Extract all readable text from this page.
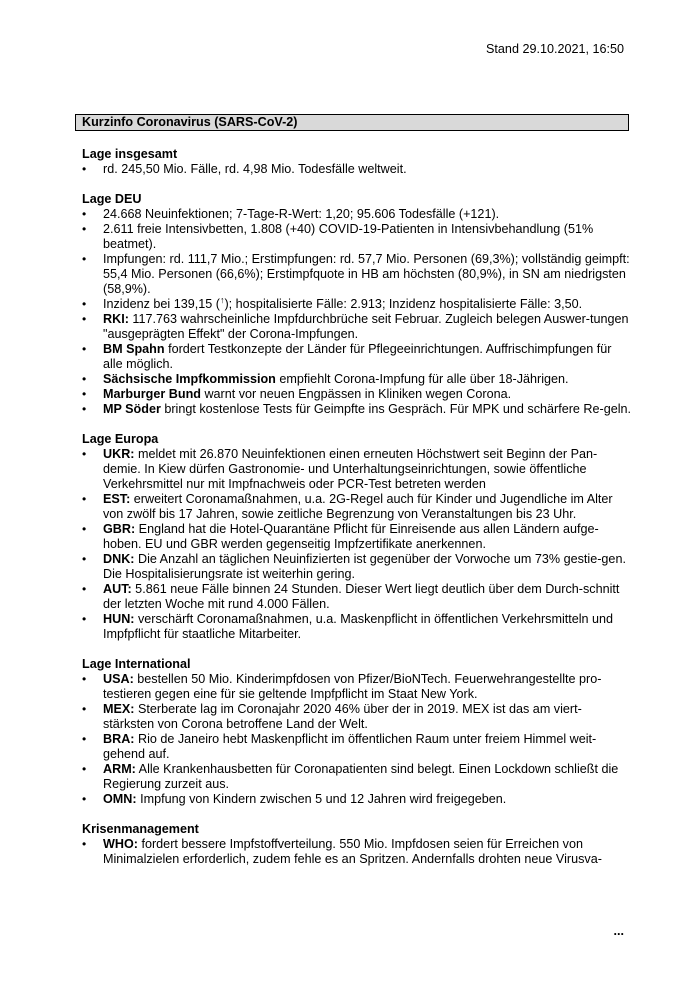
Stand 29.10.2021, 16:50
Kurzinfo Coronavirus (SARS-CoV-2)
Lage insgesamt
• rd. 245,50 Mio. Fälle, rd. 4,98 Mio. Todesfälle weltweit.
Lage DEU
• 24.668 Neuinfektionen; 7-Tage-R-Wert: 1,20; 95.606 Todesfälle (+121).
• 2.611 freie Intensivbetten, 1.808 (+40) COVID-19-Patienten in Intensivbehandlung (51% beatmet).
• Impfungen: rd. 111,7 Mio.; Erstimpfungen: rd. 57,7 Mio. Personen (69,3%); vollständig geimpft: 55,4 Mio. Personen (66,6%); Erstimpfquote in HB am höchsten (80,9%), in SN am niedrigsten (58,9%).
• Inzidenz bei 139,15 (↑); hospitalisierte Fälle: 2.913; Inzidenz hospitalisierte Fälle: 3,50.
• RKI: 117.763 wahrscheinliche Impfdurchbrüche seit Februar. Zugleich belegen Auswer-tungen "ausgeprägten Effekt" der Corona-Impfungen.
• BM Spahn fordert Testkonzepte der Länder für Pflegeeinrichtungen. Auffrischimpfungen für alle möglich.
• Sächsische Impfkommission empfiehlt Corona-Impfung für alle über 18-Jährigen.
• Marburger Bund warnt vor neuen Engpässen in Kliniken wegen Corona.
• MP Söder bringt kostenlose Tests für Geimpfte ins Gespräch. Für MPK und schärfere Re-geln.
Lage Europa
• UKR: meldet mit 26.870 Neuinfektionen einen erneuten Höchstwert seit Beginn der Pan-demie. In Kiew dürfen Gastronomie- und Unterhaltungseinrichtungen, sowie öffentliche Verkehrsmittel nur mit Impfnachweis oder PCR-Test betreten werden
• EST: erweitert Coronamaßnahmen, u.a. 2G-Regel auch für Kinder und Jugendliche im Alter von zwölf bis 17 Jahren, sowie zeitliche Begrenzung von Veranstaltungen bis 23 Uhr.
• GBR: England hat die Hotel-Quarantäne Pflicht für Einreisende aus allen Ländern aufge-hoben. EU und GBR werden gegenseitig Impfzertifikate anerkennen.
• DNK: Die Anzahl an täglichen Neuinfizierten ist gegenüber der Vorwoche um 73% gestie-gen. Die Hospitalisierungsrate ist weiterhin gering.
• AUT: 5.861 neue Fälle binnen 24 Stunden. Dieser Wert liegt deutlich über dem Durch-schnitt der letzten Woche mit rund 4.000 Fällen.
• HUN: verschärft Coronamaßnahmen, u.a. Maskenpflicht in öffentlichen Verkehrsmitteln und Impfpflicht für staatliche Mitarbeiter.
Lage International
• USA: bestellen 50 Mio. Kinderimpfdosen von Pfizer/BioNTech. Feuerwehrangestellte pro-testieren gegen eine für sie geltende Impfpflicht im Staat New York.
• MEX: Sterberate lag im Coronajahr 2020 46% über der in 2019. MEX ist das am viert-stärksten von Corona betroffene Land der Welt.
• BRA: Rio de Janeiro hebt Maskenpflicht im öffentlichen Raum unter freiem Himmel weit-gehend auf.
• ARM: Alle Krankenhausbetten für Coronapatienten sind belegt. Einen Lockdown schließt die Regierung zurzeit aus.
• OMN: Impfung von Kindern zwischen 5 und 12 Jahren wird freigegeben.
Krisenmanagement
• WHO: fordert bessere Impfstoffverteilung. 550 Mio. Impfdosen seien für Erreichen von Minimalzielen erforderlich, zudem fehle es an Spritzen. Andernfalls drohten neue Virusva-
...
